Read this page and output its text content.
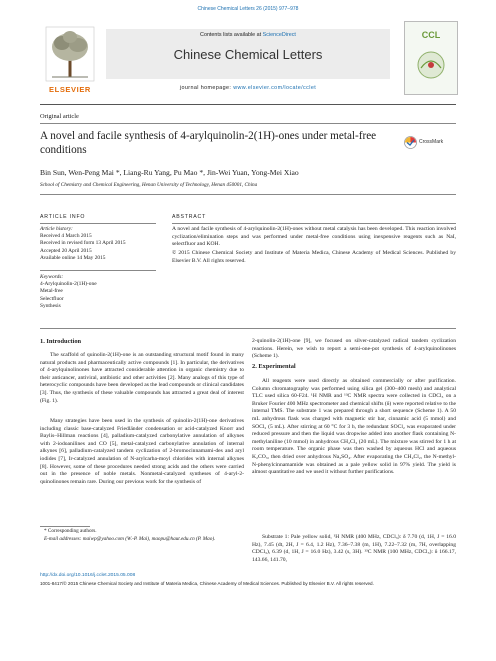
Chinese Chemical Letters 26 (2015) 977–978
ELSEVIER
Contents lists available at ScienceDirect
Chinese Chemical Letters
journal homepage: www.elsevier.com/locate/cclet
CCL
Original article
A novel and facile synthesis of 4-arylquinolin-2(1H)-ones under metal-free conditions
CrossMark
Bin Sun, Wen-Peng Mai *, Liang-Ru Yang, Pu Mao *, Jin-Wei Yuan, Yong-Mei Xiao
School of Chemistry and Chemical Engineering, Henan University of Technology, Henan 450001, China
ARTICLE INFO

Article history:

Received 4 March 2015

Received in revised form 13 April 2015

Accepted 20 April 2015

Available online 14 May 2015

Keywords:

4-Arylquinolin-2(1H)-one

Metal-free

Selectfluor

Synthesis

ABSTRACT
A novel and facile synthesis of 4-arylquinolin-2(1H)-ones without metal catalysis has been developed. This reaction involved cyclization/elimination steps and was performed under metal-free conditions using inexpensive reagents such as NaI, selectfluor and KOH.
© 2015 Chinese Chemical Society and Institute of Materia Medica, Chinese Academy of Medical Sciences. Published by Elsevier B.V. All rights reserved.
1. Introduction
The scaffold of quinolin-2(1H)-one is an outstanding structural motif found in many natural products and pharmaceutically active compounds [1]. In particular, the derivatives of 4-arylquinolinones have attracted considerable attention in organic chemistry due to their anticancer, antiviral, antibiotic and other activities [2]. Many analogs of this type of heterocyclic compounds have been developed as the lead compounds or clinical candidates [3]. Thus, the synthesis of these valuable compounds has attracted a great deal of interest (Fig. 1).
Many strategies have been used in the synthesis of quinolin-2(1H)-one derivatives including classic base-catalyzed Friedländer condensation or acid-catalyzed Knorr and Baylis–Hillman reactions [4], palladium-catalyzed carbonylative annulation of alkynes with 2-iodoanilines and CO [5], metal-catalyzed carbonylative annulation of internal alkynes [6], palladium-catalyzed tandem cyclization of 2-bromocinnamami-des and aryl iodides [7], Ir-catalyzed annulation of N-arylcarba-moyl chlorides with internal alkynes [8]. However, some of these procedures needed strong acids and the others were carried out in the presence of noble metals. Nonmetal-catalyzed syntheses of 4-aryl-2-quinolinones remain rare. During our previous work for the synthesis of
* Corresponding authors.
E-mail addresses: maiwp@yahoo.com (W.-P. Mai), maopu@haut.edu.cn (P. Mao).
2-quinolin-2(1H)-one [9], we focused on silver-catalyzed radical tandem cyclization reactions. Herein, we wish to report a semi-one-pot synthesis of 4-arylquinolinones (Scheme 1).
2. Experimental
All reagents were used directly as obtained commercially or after purification. Column chromatography was performed using silica gel (300–400 mesh) and analytical TLC used silica 60-F24. ¹H NMR and ¹³C NMR spectra were collected in CDCl₃ on a Bruker Fourier 400 MHz spectrometer and chemical shifts (δ) were reported relative to the internal TMS. The substrate 1 was prepared through a short sequence (Scheme 1). A 50 mL anhydrous flask was charged with magnetic stir bar, cinnamic acid (5 mmol) and SOCl₂ (5 mL). After stirring at 60 °C for 3 h, the redundant SOCl₂ was evaporated under reduced pressure and then the liquid was dropwise added into another flask containing N-methylaniline (10 mmol) in anhydrous CH₂Cl₂ (20 mL). The mixture was stirred for 1 h at room temperature. The organic phase was then washed by aqueous HCl and aqueous K₂CO₃, then dried over anhydrous Na₂SO₄. After evaporating the CH₂Cl₂, the N-methyl-N-phenylcinnamamide was obtained as a pale yellow solid in 97% yield. The yield is almost quantitative and we used it without further purifications.
Substrate 1: Pale yellow solid, ¹H NMR (400 MHz, CDCl₃): δ 7.70 (d, 1H, J = 16.0 Hz), 7.45 (dt, 2H, J = 6.4, 1.2 Hz), 7.36–7.38 (m, 1H), 7.22–7.32 (m, 7H, overlapping CDCl₃), 6.39 (d, 1H, J = 16.0 Hz), 3.42 (s, 3H). ¹³C NMR (100 MHz, CDCl₃): δ 166.17, 143.66, 141.70,
http://dx.doi.org/10.1016/j.cclet.2015.05.008
1001-8417/© 2015 Chinese Chemical Society and Institute of Materia Medica, Chinese Academy of Medical Sciences. Published by Elsevier B.V. All rights reserved.
